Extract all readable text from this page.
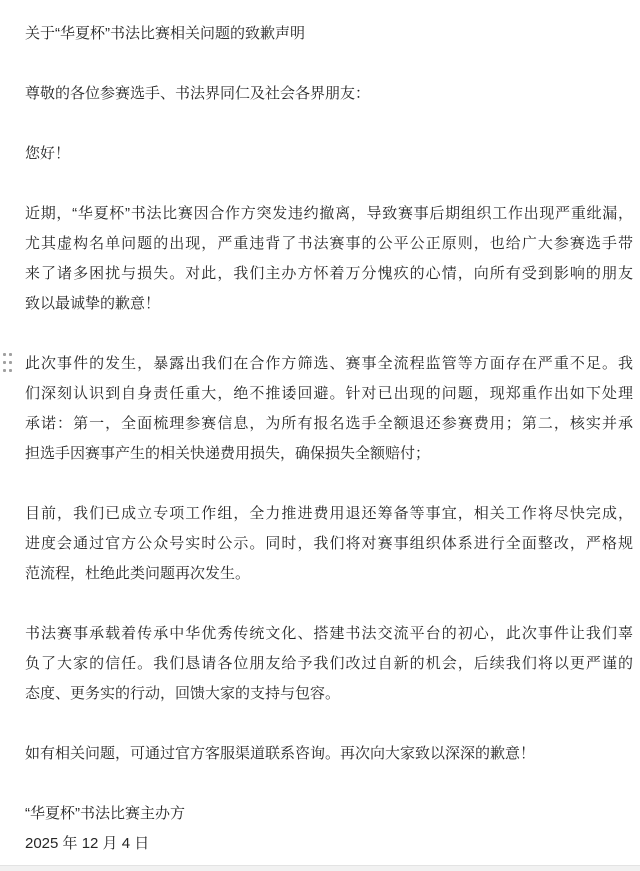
关于“华夏杯”书法比赛相关问题的致歉声明
尊敬的各位参赛选手、书法界同仁及社会各界朋友：
您好！
近期，“华夏杯”书法比赛因合作方突发违约撤离，导致赛事后期组织工作出现严重纰漏，
尤其虚构名单问题的出现，严重违背了书法赛事的公平公正原则，也给广大参赛选手带
来了诸多困扰与损失。对此，我们主办方怀着万分愧疚的心情，向所有受到影响的朋友
致以最诚挚的歉意！
此次事件的发生，暴露出我们在合作方筛选、赛事全流程监管等方面存在严重不足。我
们深刻认识到自身责任重大，绝不推诿回避。针对已出现的问题，现郑重作出如下处理
承诺：第一，全面梳理参赛信息，为所有报名选手全额退还参赛费用；第二，核实并承
担选手因赛事产生的相关快递费用损失，确保损失全额赔付；
目前，我们已成立专项工作组，全力推进费用退还筹备等事宜，相关工作将尽快完成，
进度会通过官方公众号实时公示。同时，我们将对赛事组织体系进行全面整改，严格规
范流程，杜绝此类问题再次发生。
书法赛事承载着传承中华优秀传统文化、搭建书法交流平台的初心，此次事件让我们辜
负了大家的信任。我们恳请各位朋友给予我们改过自新的机会，后续我们将以更严谨的
态度、更务实的行动，回馈大家的支持与包容。
如有相关问题，可通过官方客服渠道联系咨询。再次向大家致以深深的歉意！
“华夏杯”书法比赛主办方
2025 年 12 月 4 日
